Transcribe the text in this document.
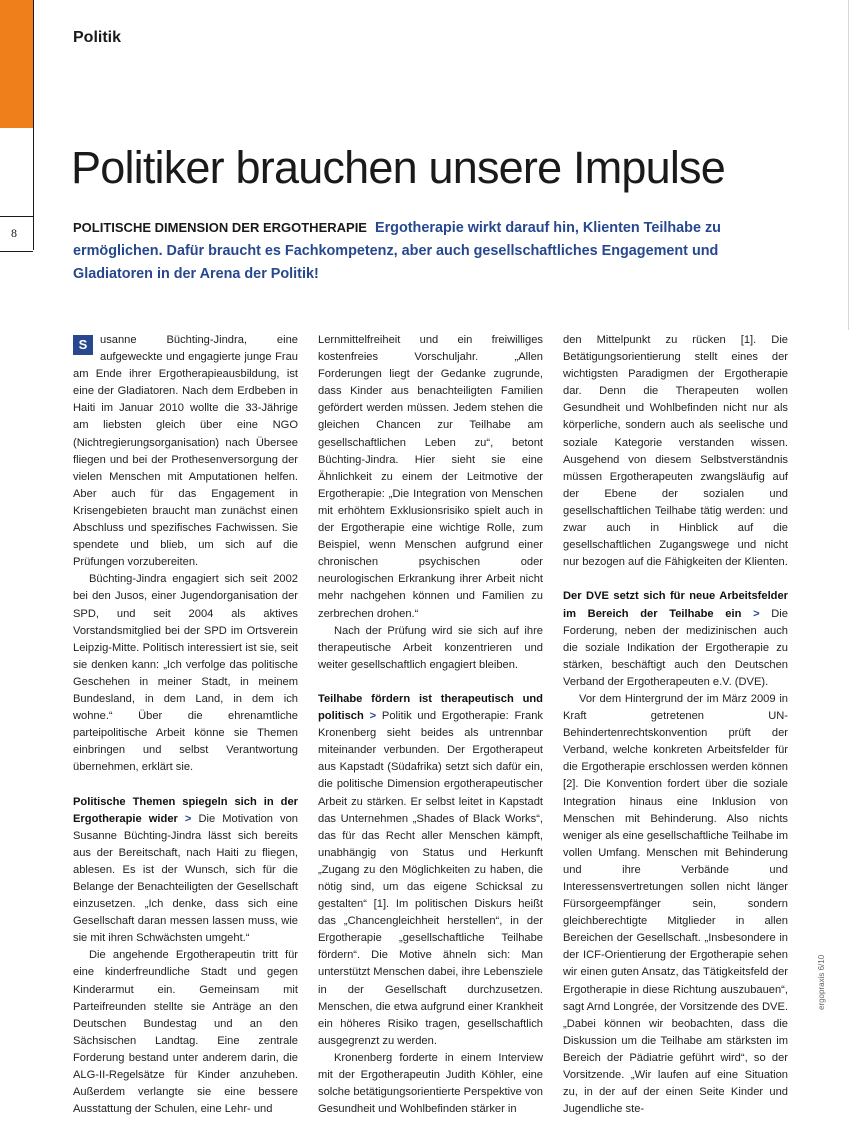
8
Politik
Politiker brauchen unsere Impulse

POLITISCHE DIMENSION DER ERGOTHERAPIE Ergotherapie wirkt darauf hin, Klienten Teilhabe zu ermöglichen. Dafür braucht es Fachkompetenz, aber auch gesellschaftliches Engagement und Gladiatoren in der Arena der Politik!

S	usanne Büchting-Jindra, eine aufgeweckte und engagierte junge Frau am Ende ihrer Ergotherapieausbildung, ist eine der Gladiatoren. Nach dem Erdbeben in Haiti im Januar 2010 wollte die 33-Jährige am liebsten gleich über eine NGO (Nichtregierungsorganisation) nach Übersee fliegen und bei der Prothesenversorgung der vielen Menschen mit Amputationen helfen. Aber auch für das Engagement in Krisengebieten braucht man zunächst einen Abschluss und spezifisches Fachwissen. Sie spendete und blieb, um sich auf die Prüfungen vorzubereiten.

Büchting-Jindra engagiert sich seit 2002 bei den Jusos, einer Jugendorganisation der SPD, und seit 2004 als aktives Vorstandsmitglied bei der SPD im Ortsverein Leipzig-Mitte. Politisch interessiert ist sie, seit sie denken kann: „Ich verfolge das politische Geschehen in meiner Stadt, in meinem Bundesland, in dem Land, in dem ich wohne.“ Über die ehrenamtliche parteipolitische Arbeit könne sie Themen einbringen und selbst Verantwortung übernehmen, erklärt sie.

Politische Themen spiegeln sich in der Ergotherapie wider > Die Motivation von Susanne Büchting-Jindra lässt sich bereits aus der Bereitschaft, nach Haiti zu fliegen, ablesen. Es ist der Wunsch, sich für die Belange der Benachteiligten der Gesellschaft einzusetzen. „Ich denke, dass sich eine Gesellschaft daran messen lassen muss, wie sie mit ihren Schwächsten umgeht.“

Die angehende Ergotherapeutin tritt für eine kinderfreundliche Stadt und gegen Kinderarmut ein. Gemeinsam mit Parteifreunden stellte sie Anträge an den Deutschen Bundestag und an den Sächsischen Landtag. Eine zentrale Forderung bestand unter anderem darin, die ALG-II-Regelsätze für Kinder anzuheben. Außerdem verlangte sie eine bessere Ausstattung der Schulen, eine Lehr- und

Lernmittelfreiheit und ein freiwilliges kostenfreies Vorschuljahr. „Allen Forderungen liegt der Gedanke zugrunde, dass Kinder aus benachteiligten Familien gefördert werden müssen. Jedem stehen die gleichen Chancen zur Teilhabe am gesellschaftlichen Leben zu“, betont Büchting-Jindra. Hier sieht sie eine Ähnlichkeit zu einem der Leitmotive der Ergotherapie: „Die Integration von Menschen mit erhöhtem Exklusionsrisiko spielt auch in der Ergotherapie eine wichtige Rolle, zum Beispiel, wenn Menschen aufgrund einer chronischen psychischen oder neurologischen Erkrankung ihrer Arbeit nicht mehr nachgehen können und Familien zu zerbrechen drohen.“

Nach der Prüfung wird sie sich auf ihre therapeutische Arbeit konzentrieren und weiter gesellschaftlich engagiert bleiben.

Teilhabe fördern ist therapeutisch und politisch > Politik und Ergotherapie: Frank Kronenberg sieht beides als untrennbar miteinander verbunden. Der Ergotherapeut aus Kapstadt (Südafrika) setzt sich dafür ein, die politische Dimension ergotherapeutischer Arbeit zu stärken. Er selbst leitet in Kapstadt das Unternehmen „Shades of Black Works“, das für das Recht aller Menschen kämpft, unabhängig von Status und Herkunft „Zugang zu den Möglichkeiten zu haben, die nötig sind, um das eigene Schicksal zu gestalten“ [1]. Im politischen Diskurs heißt das „Chancengleichheit herstellen“, in der Ergotherapie „gesellschaftliche Teilhabe fördern“. Die Motive ähneln sich: Man unterstützt Menschen dabei, ihre Lebensziele in der Gesellschaft durchzusetzen. Menschen, die etwa aufgrund einer Krankheit ein höheres Risiko tragen, gesellschaftlich ausgegrenzt zu werden.

Kronenberg forderte in einem Interview mit der Ergotherapeutin Judith Köhler, eine solche betätigungsorientierte Perspektive von Gesundheit und Wohlbefinden stärker in

den Mittelpunkt zu rücken [1]. Die Betätigungsorientierung stellt eines der wichtigsten Paradigmen der Ergotherapie dar. Denn die Therapeuten wollen Gesundheit und Wohlbefinden nicht nur als körperliche, sondern auch als seelische und soziale Kategorie verstanden wissen. Ausgehend von diesem Selbstverständnis müssen Ergotherapeuten zwangsläufig auf der Ebene der sozialen und gesellschaftlichen Teilhabe tätig werden: und zwar auch in Hinblick auf die gesellschaftlichen Zugangswege und nicht nur bezogen auf die Fähigkeiten der Klienten.

Der DVE setzt sich für neue Arbeitsfelder im Bereich der Teilhabe ein > Die Forderung, neben der medizinischen auch die soziale Indikation der Ergotherapie zu stärken, beschäftigt auch den Deutschen Verband der Ergotherapeuten e.V. (DVE).

Vor dem Hintergrund der im März 2009 in Kraft getretenen UN-Behindertenrechtskonvention prüft der Verband, welche konkreten Arbeitsfelder für die Ergotherapie erschlossen werden können [2]. Die Konvention fordert über die soziale Integration hinaus eine Inklusion von Menschen mit Behinderung. Also nichts weniger als eine gesellschaftliche Teilhabe im vollen Umfang. Menschen mit Behinderung und ihre Verbände und Interessensvertretungen sollen nicht länger Fürsorgeempfänger sein, sondern gleichberechtigte Mitglieder in allen Bereichen der Gesellschaft. „Insbesondere in der ICF-Orientierung der Ergotherapie sehen wir einen guten Ansatz, das Tätigkeitsfeld der Ergotherapie in diese Richtung auszubauen“, sagt Arnd Longrée, der Vorsitzende des DVE. „Dabei können wir beobachten, dass die Diskussion um die Teilhabe am stärksten im Bereich der Pädiatrie geführt wird“, so der Vorsitzende. „Wir laufen auf eine Situation zu, in der auf der einen Seite Kinder und Jugendliche ste-

ergopraxis 6/10
